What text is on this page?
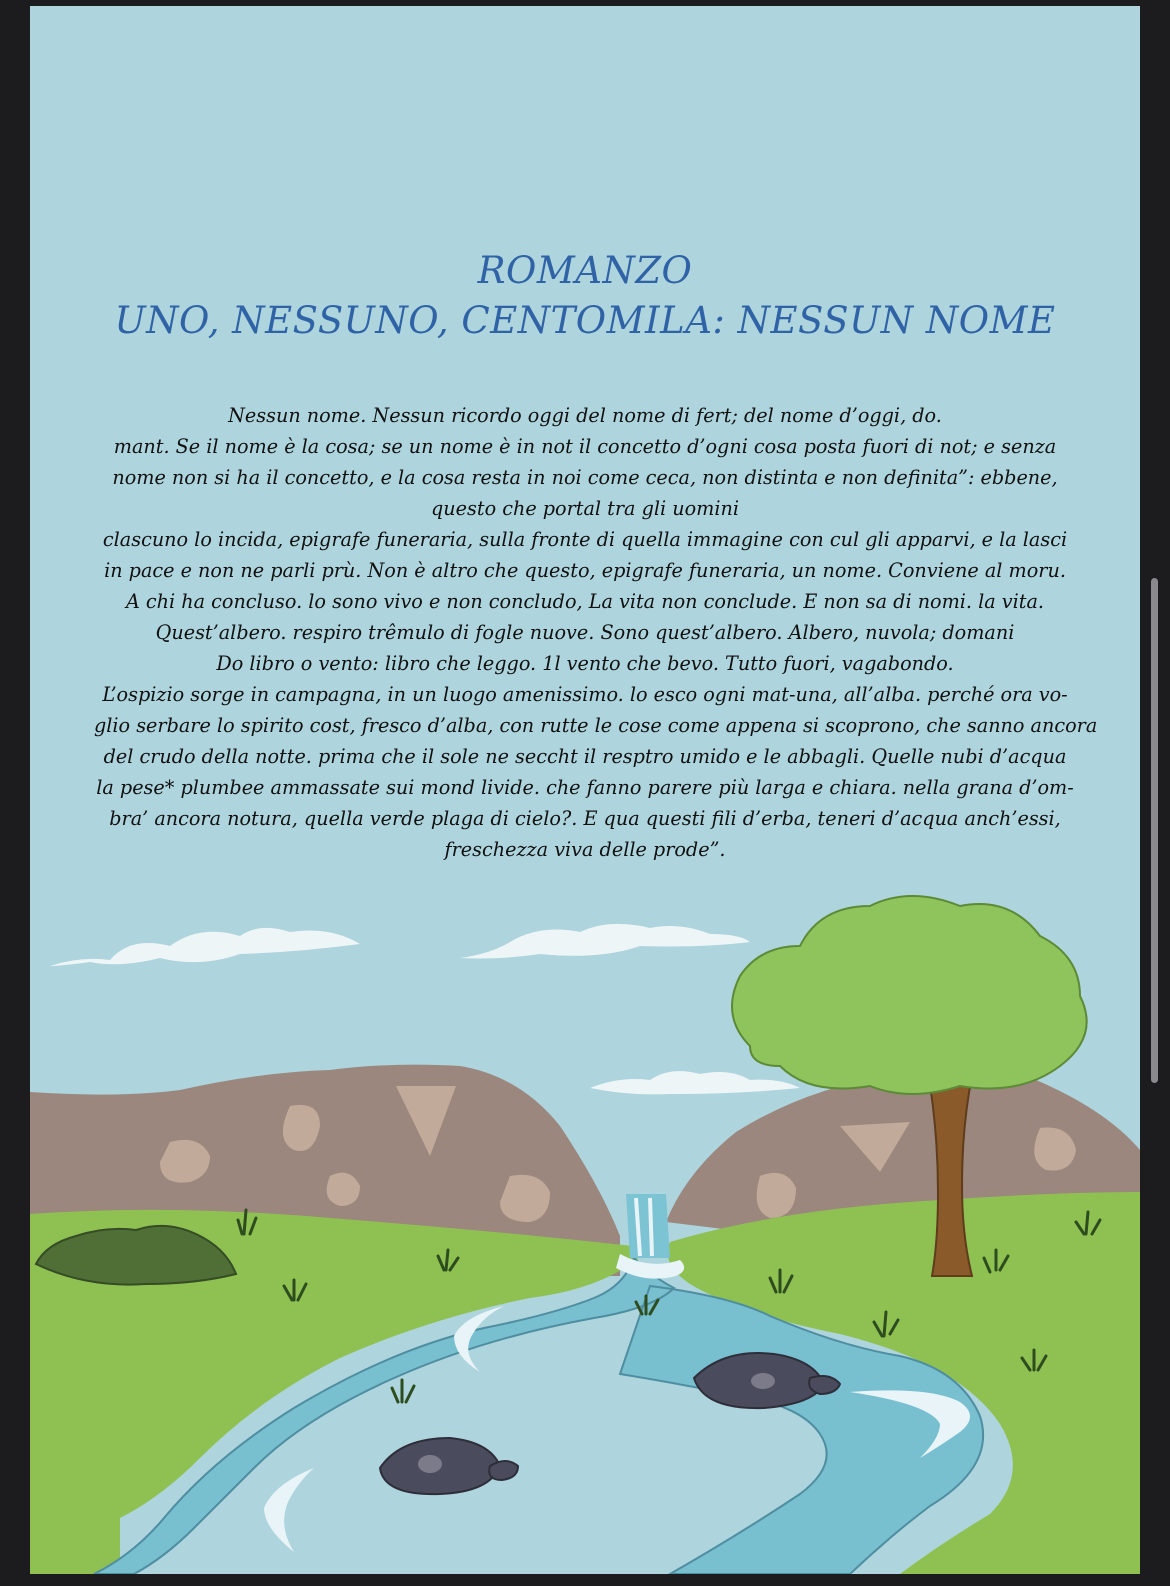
ROMANZO
UNO, NESSUNO, CENTOMILA: NESSUN NOME
Nessun nome. Nessun ricordo oggi del nome di fert; del nome d’oggi, do.
mant. Se il nome è la cosa; se un nome è in not il concetto d’ogni cosa posta fuori di not; e senza
nome non si ha il concetto, e la cosa resta in noi come ceca, non distinta e non definita”: ebbene,
questo che portal tra gli uomini
clascuno lo incida, epigrafe funeraria, sulla fronte di quella immagine con cul gli apparvi, e la lasci
in pace e non ne parli prù. Non è altro che questo, epigrafe funeraria, un nome. Conviene al moru.
A chi ha concluso. lo sono vivo e non concludo, La vita non conclude. E non sa di nomi. la vita.
Quest’albero. respiro trêmulo di fogle nuove. Sono quest’albero. Albero, nuvola; domani
Do libro o vento: libro che leggo. 1l vento che bevo. Tutto fuori, vagabondo.
L’ospizio sorge in campagna, in un luogo amenissimo. lo esco ogni mat-una, all’alba. perché ora vo-
glio serbare lo spirito cost, fresco d’alba, con rutte le cose come appena si scoprono, che sanno ancora
del crudo della notte. prima che il sole ne seccht il resptro umido e le abbagli. Quelle nubi d’acqua
la pese* plumbee ammassate sui mond livide. che fanno parere più larga e chiara. nella grana d’om-
bra’ ancora notura, quella verde plaga di cielo?. E qua questi fili d’erba, teneri d’acqua anch’essi,
freschezza viva delle prode”.
